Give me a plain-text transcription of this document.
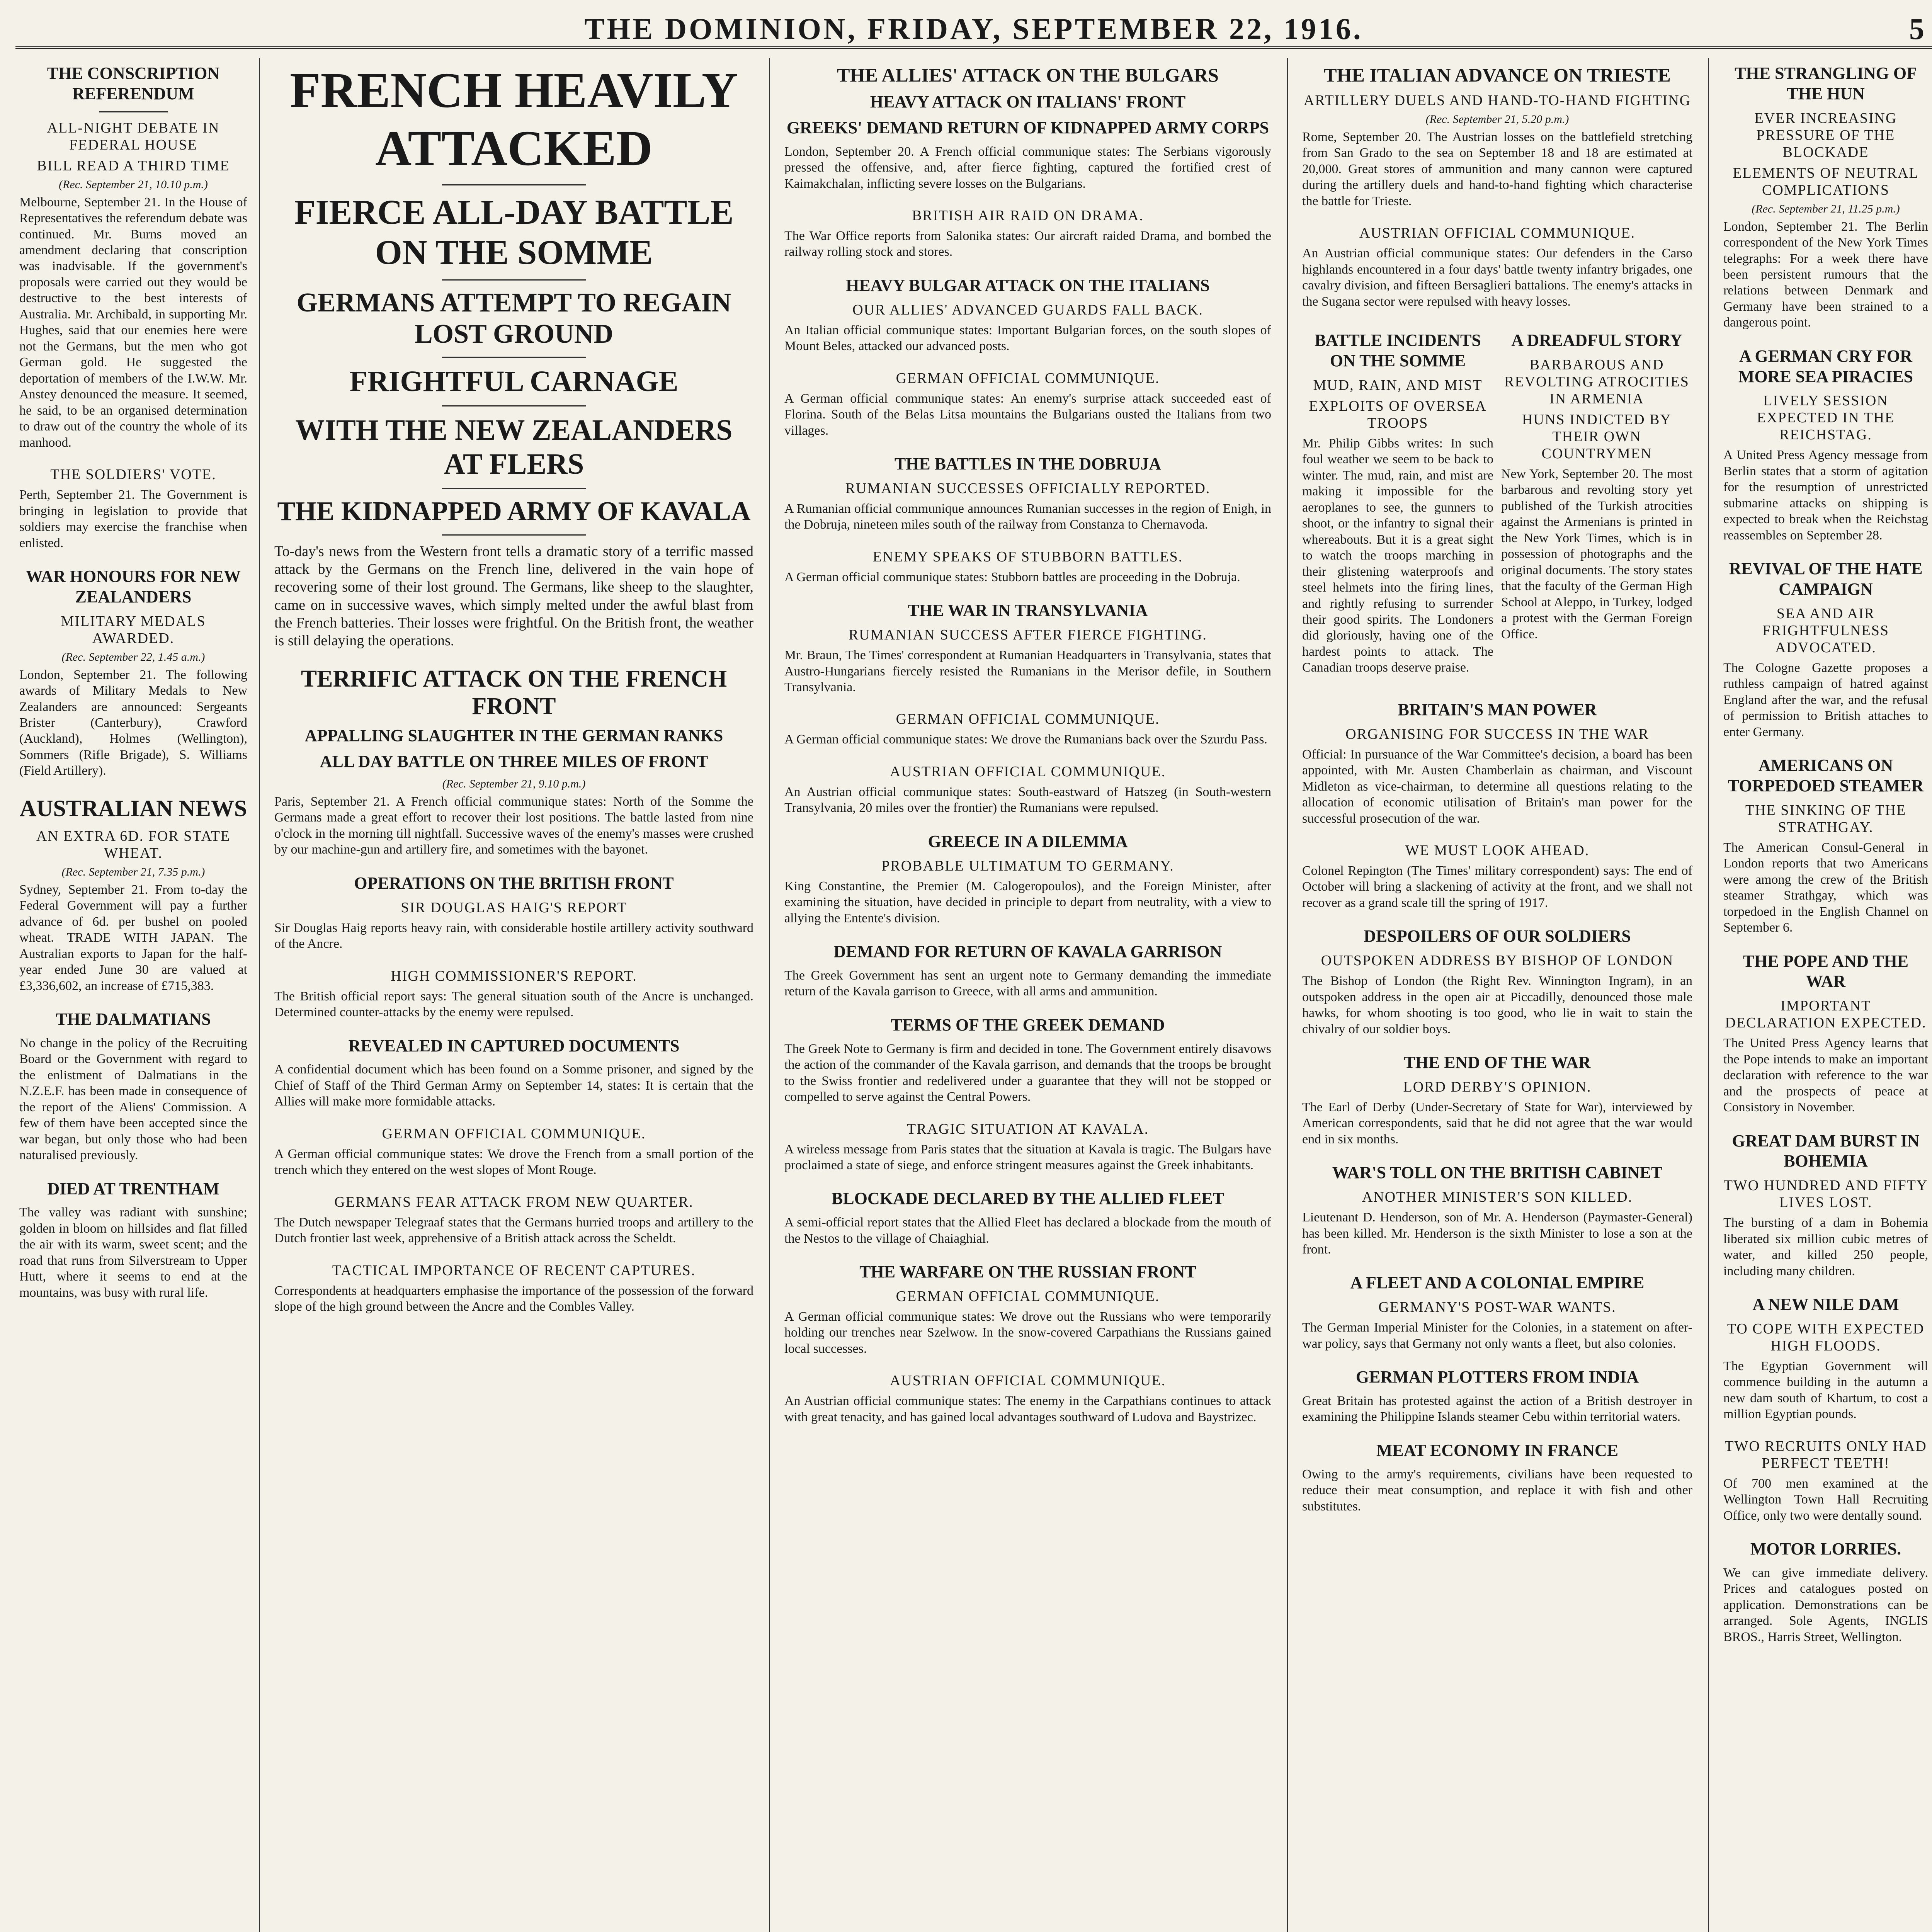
THE DOMINION, FRIDAY, SEPTEMBER 22, 1916.	5
THE CONSCRIPTION REFERENDUM
ALL-NIGHT DEBATE IN FEDERAL HOUSE
BILL READ A THIRD TIME
(Rec. September 21, 10.10 p.m.)
Melbourne, September 21. In the House of Representatives the referendum debate was continued. Mr. Burns moved an amendment declaring that conscription was inadvisable. If the government's proposals were carried out they would be destructive to the best interests of Australia. Mr. Archibald, in supporting Mr. Hughes, said that our enemies here were not the Germans, but the men who got German gold. He suggested the deportation of members of the I.W.W. Mr. Anstey denounced the measure. It seemed, he said, to be an organised determination to draw out of the country the whole of its manhood.
THE SOLDIERS' VOTE.
Perth, September 21. The Government is bringing in legislation to provide that soldiers may exercise the franchise when enlisted.
WAR HONOURS FOR NEW ZEALANDERS
MILITARY MEDALS AWARDED.
(Rec. September 22, 1.45 a.m.)
London, September 21. The following awards of Military Medals to New Zealanders are announced: Sergeants Brister (Canterbury), Crawford (Auckland), Holmes (Wellington), Sommers (Rifle Brigade), S. Williams (Field Artillery).
AUSTRALIAN NEWS
AN EXTRA 6D. FOR STATE WHEAT.
(Rec. September 21, 7.35 p.m.)
Sydney, September 21. From to-day the Federal Government will pay a further advance of 6d. per bushel on pooled wheat. TRADE WITH JAPAN. The Australian exports to Japan for the half-year ended June 30 are valued at £3,336,602, an increase of £715,383.
THE DALMATIANS
No change in the policy of the Recruiting Board or the Government with regard to the enlistment of Dalmatians in the N.Z.E.F. has been made in consequence of the report of the Aliens' Commission. A few of them have been accepted since the war began, but only those who had been naturalised previously.
DIED AT TRENTHAM
The valley was radiant with sunshine; golden in bloom on hillsides and flat filled the air with its warm, sweet scent; and the road that runs from Silverstream to Upper Hutt, where it seems to end at the mountains, was busy with rural life.
FRENCH HEAVILY ATTACKED
FIERCE ALL-DAY BATTLE ON THE SOMME
GERMANS ATTEMPT TO REGAIN LOST GROUND
FRIGHTFUL CARNAGE
WITH THE NEW ZEALANDERS AT FLERS
THE KIDNAPPED ARMY OF KAVALA
To-day's news from the Western front tells a dramatic story of a terrific massed attack by the Germans on the French line, delivered in the vain hope of recovering some of their lost ground. The Germans, like sheep to the slaughter, came on in successive waves, which simply melted under the awful blast from the French batteries. Their losses were frightful. On the British front, the weather is still delaying the operations.
TERRIFIC ATTACK ON THE FRENCH FRONT
APPALLING SLAUGHTER IN THE GERMAN RANKS
ALL DAY BATTLE ON THREE MILES OF FRONT
(Rec. September 21, 9.10 p.m.)
Paris, September 21. A French official communique states: North of the Somme the Germans made a great effort to recover their lost positions. The battle lasted from nine o'clock in the morning till nightfall. Successive waves of the enemy's masses were crushed by our machine-gun and artillery fire, and sometimes with the bayonet.
OPERATIONS ON THE BRITISH FRONT
SIR DOUGLAS HAIG'S REPORT
Sir Douglas Haig reports heavy rain, with considerable hostile artillery activity southward of the Ancre.
HIGH COMMISSIONER'S REPORT.
The British official report says: The general situation south of the Ancre is unchanged. Determined counter-attacks by the enemy were repulsed.
REVEALED IN CAPTURED DOCUMENTS
A confidential document which has been found on a Somme prisoner, and signed by the Chief of Staff of the Third German Army on September 14, states: It is certain that the Allies will make more formidable attacks.
GERMAN OFFICIAL COMMUNIQUE.
A German official communique states: We drove the French from a small portion of the trench which they entered on the west slopes of Mont Rouge.
GERMANS FEAR ATTACK FROM NEW QUARTER.
The Dutch newspaper Telegraaf states that the Germans hurried troops and artillery to the Dutch frontier last week, apprehensive of a British attack across the Scheldt.
TACTICAL IMPORTANCE OF RECENT CAPTURES.
Correspondents at headquarters emphasise the importance of the possession of the forward slope of the high ground between the Ancre and the Combles Valley.
THE ALLIES' ATTACK ON THE BULGARS
HEAVY ATTACK ON ITALIANS' FRONT
GREEKS' DEMAND RETURN OF KIDNAPPED ARMY CORPS
London, September 20. A French official communique states: The Serbians vigorously pressed the offensive, and, after fierce fighting, captured the fortified crest of Kaimakchalan, inflicting severe losses on the Bulgarians.
BRITISH AIR RAID ON DRAMA.
The War Office reports from Salonika states: Our aircraft raided Drama, and bombed the railway rolling stock and stores.
HEAVY BULGAR ATTACK ON THE ITALIANS
OUR ALLIES' ADVANCED GUARDS FALL BACK.
An Italian official communique states: Important Bulgarian forces, on the south slopes of Mount Beles, attacked our advanced posts.
GERMAN OFFICIAL COMMUNIQUE.
A German official communique states: An enemy's surprise attack succeeded east of Florina. South of the Belas Litsa mountains the Bulgarians ousted the Italians from two villages.
THE BATTLES IN THE DOBRUJA
RUMANIAN SUCCESSES OFFICIALLY REPORTED.
A Rumanian official communique announces Rumanian successes in the region of Enigh, in the Dobruja, nineteen miles south of the railway from Constanza to Chernavoda.
ENEMY SPEAKS OF STUBBORN BATTLES.
A German official communique states: Stubborn battles are proceeding in the Dobruja.
THE WAR IN TRANSYLVANIA
RUMANIAN SUCCESS AFTER FIERCE FIGHTING.
Mr. Braun, The Times' correspondent at Rumanian Headquarters in Transylvania, states that Austro-Hungarians fiercely resisted the Rumanians in the Merisor defile, in Southern Transylvania.
GERMAN OFFICIAL COMMUNIQUE.
A German official communique states: We drove the Rumanians back over the Szurdu Pass.
AUSTRIAN OFFICIAL COMMUNIQUE.
An Austrian official communique states: South-eastward of Hatszeg (in South-western Transylvania, 20 miles over the frontier) the Rumanians were repulsed.
GREECE IN A DILEMMA
PROBABLE ULTIMATUM TO GERMANY.
King Constantine, the Premier (M. Calogeropoulos), and the Foreign Minister, after examining the situation, have decided in principle to depart from neutrality, with a view to allying the Entente's division.
DEMAND FOR RETURN OF KAVALA GARRISON
The Greek Government has sent an urgent note to Germany demanding the immediate return of the Kavala garrison to Greece, with all arms and ammunition.
TERMS OF THE GREEK DEMAND
The Greek Note to Germany is firm and decided in tone. The Government entirely disavows the action of the commander of the Kavala garrison, and demands that the troops be brought to the Swiss frontier and redelivered under a guarantee that they will not be stopped or compelled to serve against the Central Powers.
TRAGIC SITUATION AT KAVALA.
A wireless message from Paris states that the situation at Kavala is tragic. The Bulgars have proclaimed a state of siege, and enforce stringent measures against the Greek inhabitants.
BLOCKADE DECLARED BY THE ALLIED FLEET
A semi-official report states that the Allied Fleet has declared a blockade from the mouth of the Nestos to the village of Chaiaghial.
THE WARFARE ON THE RUSSIAN FRONT
GERMAN OFFICIAL COMMUNIQUE.
A German official communique states: We drove out the Russians who were temporarily holding our trenches near Szelwow. In the snow-covered Carpathians the Russians gained local successes.
AUSTRIAN OFFICIAL COMMUNIQUE.
An Austrian official communique states: The enemy in the Carpathians continues to attack with great tenacity, and has gained local advantages southward of Ludova and Baystrizec.
THE ITALIAN ADVANCE ON TRIESTE
ARTILLERY DUELS AND HAND-TO-HAND FIGHTING
(Rec. September 21, 5.20 p.m.)
Rome, September 20. The Austrian losses on the battlefield stretching from San Grado to the sea on September 18 and 18 are estimated at 20,000. Great stores of ammunition and many cannon were captured during the artillery duels and hand-to-hand fighting which characterise the battle for Trieste.
AUSTRIAN OFFICIAL COMMUNIQUE.
An Austrian official communique states: Our defenders in the Carso highlands encountered in a four days' battle twenty infantry brigades, one cavalry division, and fifteen Bersaglieri battalions. The enemy's attacks in the Sugana sector were repulsed with heavy losses.
BATTLE INCIDENTS ON THE SOMME
MUD, RAIN, AND MIST
EXPLOITS OF OVERSEA TROOPS
Mr. Philip Gibbs writes: In such foul weather we seem to be back to winter. The mud, rain, and mist are making it impossible for the aeroplanes to see, the gunners to shoot, or the infantry to signal their whereabouts. But it is a great sight to watch the troops marching in their glistening waterproofs and steel helmets into the firing lines, and rightly refusing to surrender their good spirits. The Londoners did gloriously, having one of the hardest points to attack. The Canadian troops deserve praise.
A DREADFUL STORY
BARBAROUS AND REVOLTING ATROCITIES IN ARMENIA
HUNS INDICTED BY THEIR OWN COUNTRYMEN
New York, September 20. The most barbarous and revolting story yet published of the Turkish atrocities against the Armenians is printed in the New York Times, which is in possession of photographs and the original documents. The story states that the faculty of the German High School at Aleppo, in Turkey, lodged a protest with the German Foreign Office.
BRITAIN'S MAN POWER
ORGANISING FOR SUCCESS IN THE WAR
Official: In pursuance of the War Committee's decision, a board has been appointed, with Mr. Austen Chamberlain as chairman, and Viscount Midleton as vice-chairman, to determine all questions relating to the allocation of economic utilisation of Britain's man power for the successful prosecution of the war.
WE MUST LOOK AHEAD.
Colonel Repington (The Times' military correspondent) says: The end of October will bring a slackening of activity at the front, and we shall not recover as a grand scale till the spring of 1917.
DESPOILERS OF OUR SOLDIERS
OUTSPOKEN ADDRESS BY BISHOP OF LONDON
The Bishop of London (the Right Rev. Winnington Ingram), in an outspoken address in the open air at Piccadilly, denounced those male hawks, for whom shooting is too good, who lie in wait to stain the chivalry of our soldier boys.
THE END OF THE WAR
LORD DERBY'S OPINION.
The Earl of Derby (Under-Secretary of State for War), interviewed by American correspondents, said that he did not agree that the war would end in six months.
WAR'S TOLL ON THE BRITISH CABINET
ANOTHER MINISTER'S SON KILLED.
Lieutenant D. Henderson, son of Mr. A. Henderson (Paymaster-General) has been killed. Mr. Henderson is the sixth Minister to lose a son at the front.
A FLEET AND A COLONIAL EMPIRE
GERMANY'S POST-WAR WANTS.
The German Imperial Minister for the Colonies, in a statement on after-war policy, says that Germany not only wants a fleet, but also colonies.
GERMAN PLOTTERS FROM INDIA
Great Britain has protested against the action of a British destroyer in examining the Philippine Islands steamer Cebu within territorial waters.
MEAT ECONOMY IN FRANCE
Owing to the army's requirements, civilians have been requested to reduce their meat consumption, and replace it with fish and other substitutes.
THE STRANGLING OF THE HUN
EVER INCREASING PRESSURE OF THE BLOCKADE
ELEMENTS OF NEUTRAL COMPLICATIONS
(Rec. September 21, 11.25 p.m.)
London, September 21. The Berlin correspondent of the New York Times telegraphs: For a week there have been persistent rumours that the relations between Denmark and Germany have been strained to a dangerous point.
A GERMAN CRY FOR MORE SEA PIRACIES
LIVELY SESSION EXPECTED IN THE REICHSTAG.
A United Press Agency message from Berlin states that a storm of agitation for the resumption of unrestricted submarine attacks on shipping is expected to break when the Reichstag reassembles on September 28.
REVIVAL OF THE HATE CAMPAIGN
SEA AND AIR FRIGHTFULNESS ADVOCATED.
The Cologne Gazette proposes a ruthless campaign of hatred against England after the war, and the refusal of permission to British attaches to enter Germany.
AMERICANS ON TORPEDOED STEAMER
THE SINKING OF THE STRATHGAY.
The American Consul-General in London reports that two Americans were among the crew of the British steamer Strathgay, which was torpedoed in the English Channel on September 6.
THE POPE AND THE WAR
IMPORTANT DECLARATION EXPECTED.
The United Press Agency learns that the Pope intends to make an important declaration with reference to the war and the prospects of peace at Consistory in November.
GREAT DAM BURST IN BOHEMIA
TWO HUNDRED AND FIFTY LIVES LOST.
The bursting of a dam in Bohemia liberated six million cubic metres of water, and killed 250 people, including many children.
A NEW NILE DAM
TO COPE WITH EXPECTED HIGH FLOODS.
The Egyptian Government will commence building in the autumn a new dam south of Khartum, to cost a million Egyptian pounds.
TWO RECRUITS ONLY HAD PERFECT TEETH!
Of 700 men examined at the Wellington Town Hall Recruiting Office, only two were dentally sound.
MOTOR LORRIES.
We can give immediate delivery. Prices and catalogues posted on application. Demonstrations can be arranged. Sole Agents, INGLIS BROS., Harris Street, Wellington.
